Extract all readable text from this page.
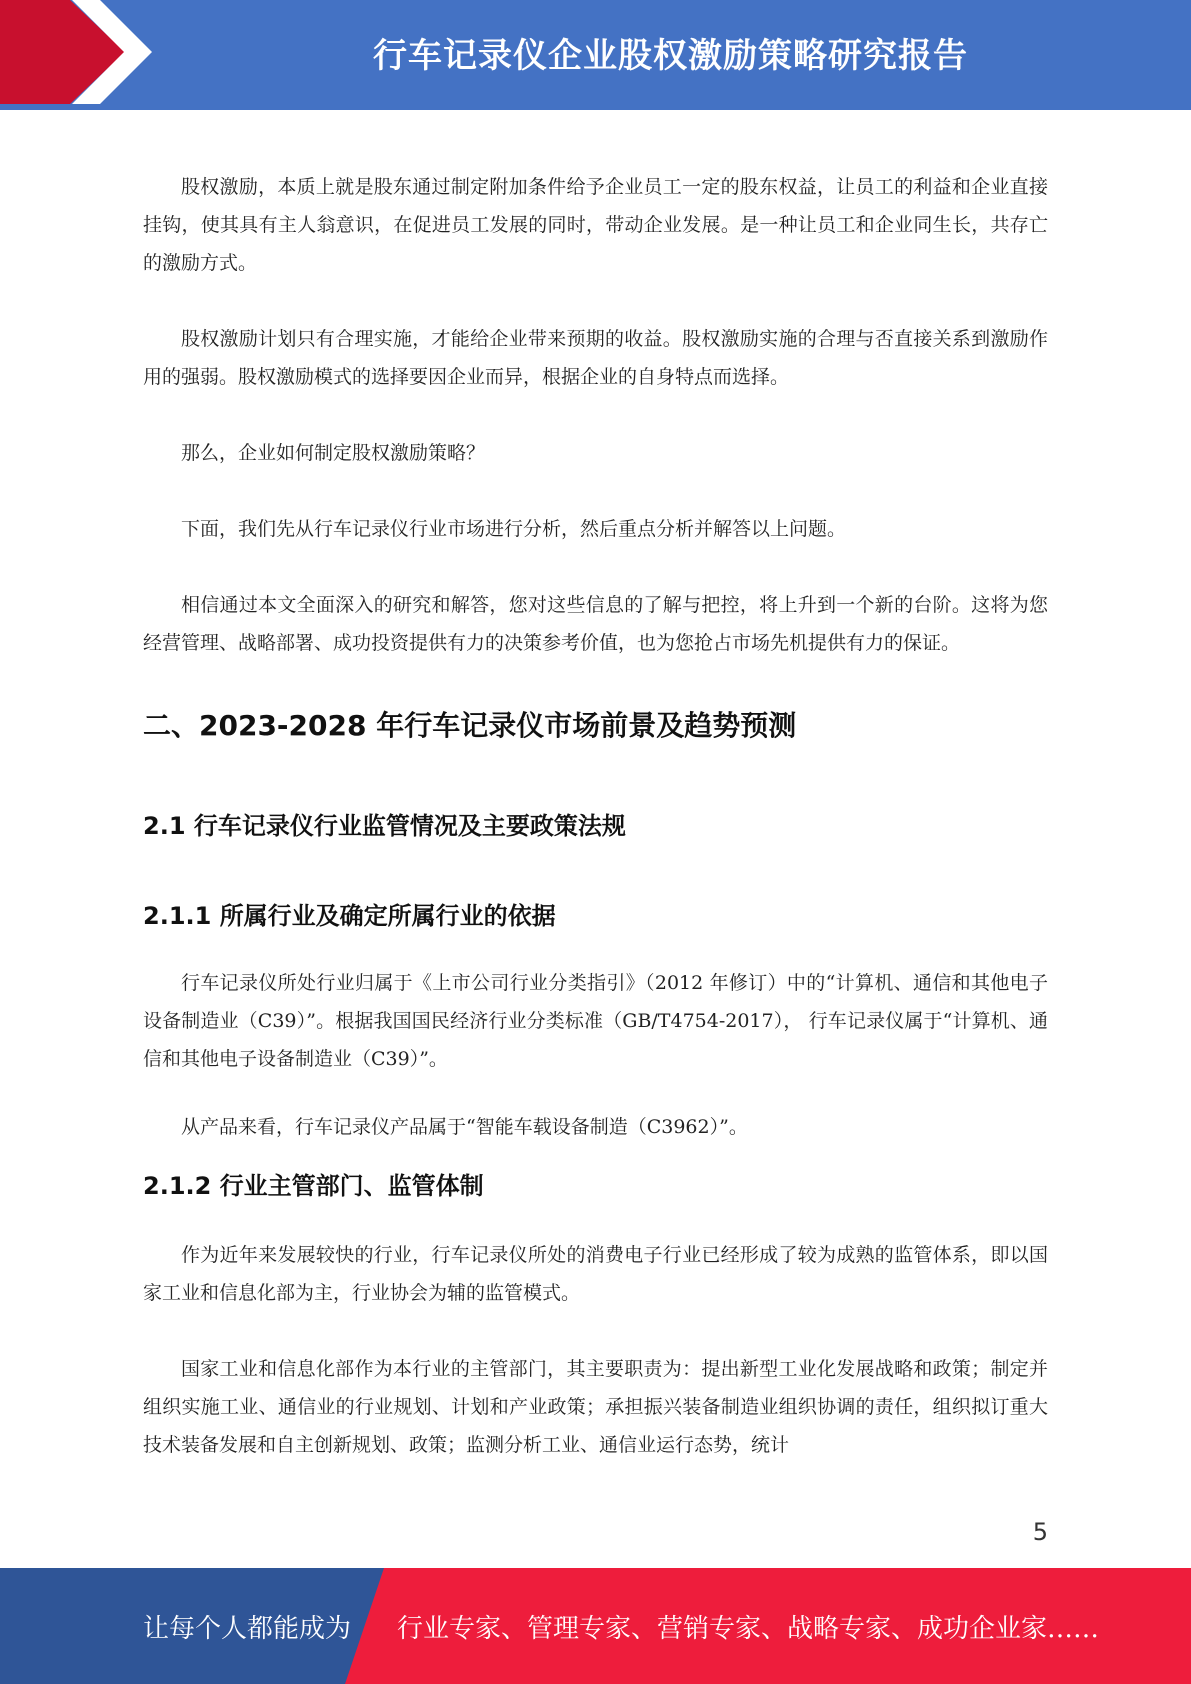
行车记录仪企业股权激励策略研究报告

股权激励，本质上就是股东通过制定附加条件给予企业员工一定的股东权益，让员工的利益和企业直接挂钩，使其具有主人翁意识，在促进员工发展的同时，带动企业发展。是一种让员工和企业同生长，共存亡的激励方式。

股权激励计划只有合理实施，才能给企业带来预期的收益。股权激励实施的合理与否直接关系到激励作用的强弱。股权激励模式的选择要因企业而异，根据企业的自身特点而选择。

那么，企业如何制定股权激励策略？

下面，我们先从行车记录仪行业市场进行分析，然后重点分析并解答以上问题。

相信通过本文全面深入的研究和解答，您对这些信息的了解与把控，将上升到一个新的台阶。这将为您经营管理、战略部署、成功投资提供有力的决策参考价值，也为您抢占市场先机提供有力的保证。

二、2023-2028 年行车记录仪市场前景及趋势预测
2.1 行车记录仪行业监管情况及主要政策法规
2.1.1 所属行业及确定所属行业的依据

行车记录仪所处行业归属于《上市公司行业分类指引》（2012 年修订）中的“计算机、通信和其他电子设备制造业（C39）”。根据我国国民经济行业分类标准（GB/T4754-2017）， 行车记录仪属于“计算机、通信和其他电子设备制造业（C39）”。

从产品来看，行车记录仪产品属于“智能车载设备制造（C3962）”。

2.1.2 行业主管部门、监管体制

作为近年来发展较快的行业，行车记录仪所处的消费电子行业已经形成了较为成熟的监管体系，即以国家工业和信息化部为主，行业协会为辅的监管模式。

国家工业和信息化部作为本行业的主管部门，其主要职责为：提出新型工业化发展战略和政策；制定并组织实施工业、通信业的行业规划、计划和产业政策；承担振兴装备制造业组织协调的责任，组织拟订重大技术装备发展和自主创新规划、政策；监测分析工业、通信业运行态势，统计

5
让每个人都能成为 行业专家、管理专家、营销专家、战略专家、成功企业家……
